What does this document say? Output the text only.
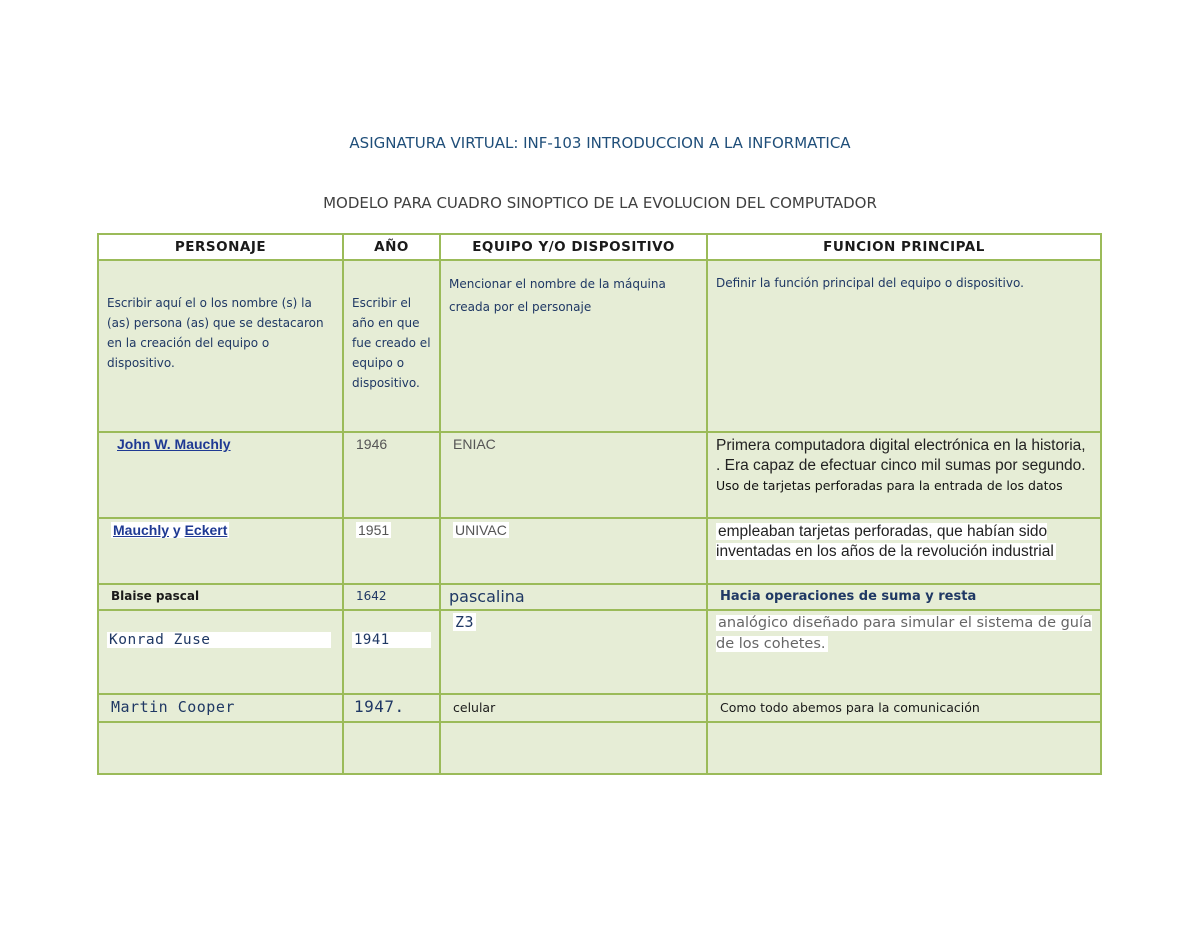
ASIGNATURA VIRTUAL: INF-103 INTRODUCCION A LA INFORMATICA
MODELO PARA CUADRO SINOPTICO DE LA EVOLUCION DEL COMPUTADOR
PERSONAJE	AÑO	EQUIPO Y/O DISPOSITIVO	FUNCION PRINCIPAL

Escribir aquí el o los nombre (s) la (as) persona (as) que se destacaron en la creación del equipo o dispositivo.	Escribir el año en que fue creado el equipo o dispositivo.	Mencionar el nombre de la máquina creada por el personaje	Definir la función principal del equipo o dispositivo.

John W. Mauchly	1946	ENIAC	Primera computadora digital electrónica en la historia, . Era capaz de efectuar cinco mil sumas por segundo. Uso de tarjetas perforadas para la entrada de los datos

Mauchly y Eckert	1951	UNIVAC	empleaban tarjetas perforadas, que habían sido inventadas en los años de la revolución industrial

Blaise pascal	1642	pascalina	Hacia operaciones de suma y resta

Konrad Zuse	1941	Z3	analógico diseñado para simular el sistema de guía de los cohetes.

Martin Cooper	1947.	celular	Como todo abemos para la comunicación
